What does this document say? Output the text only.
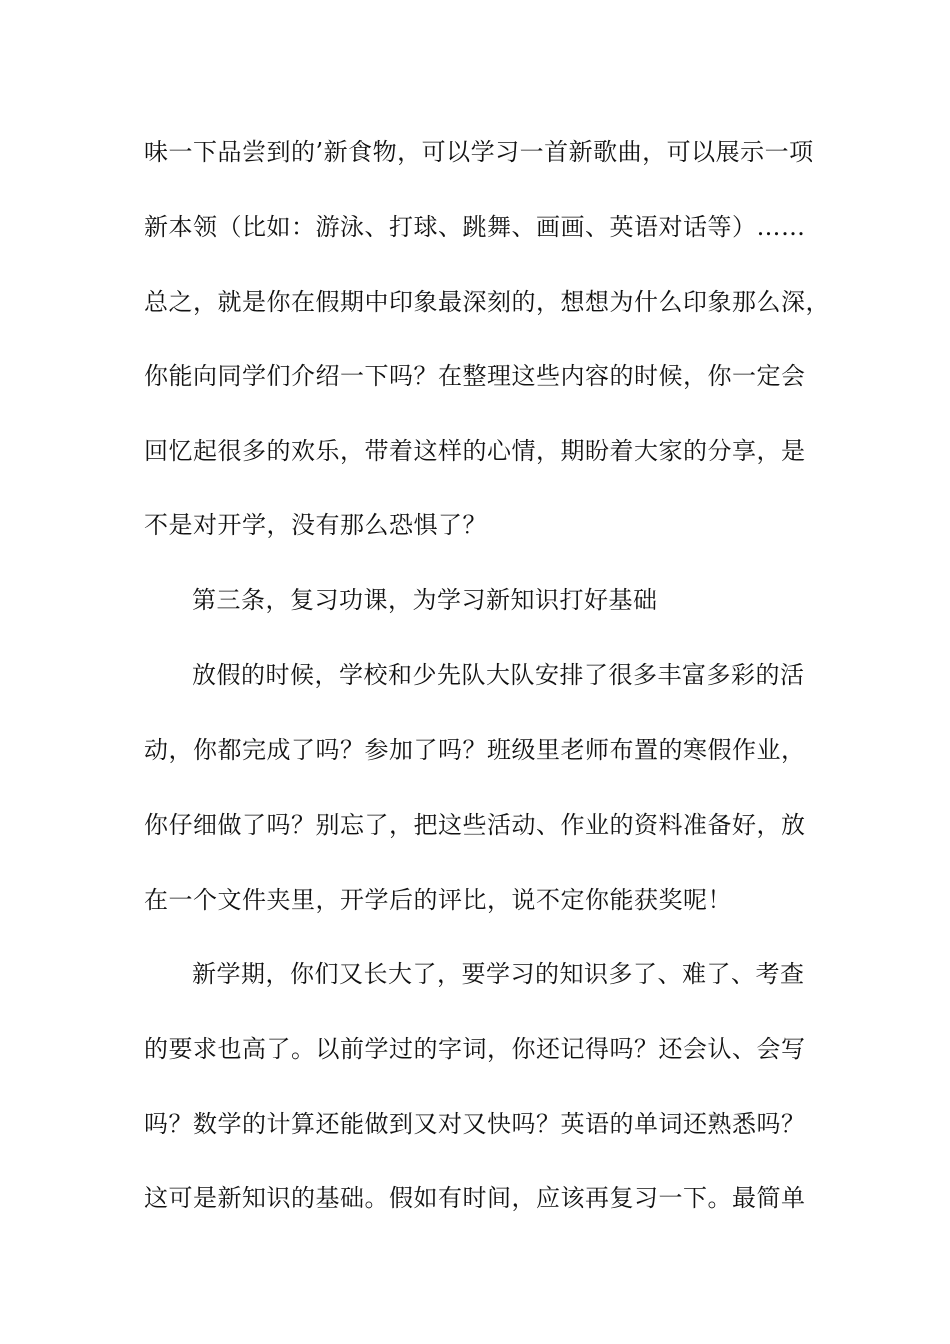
味一下品尝到的’新食物，可以学习一首新歌曲，可以展示一项
新本领（比如：游泳、打球、跳舞、画画、英语对话等）……
总之，就是你在假期中印象最深刻的，想想为什么印象那么深，
你能向同学们介绍一下吗？在整理这些内容的时候，你一定会
回忆起很多的欢乐，带着这样的心情，期盼着大家的分享，是
不是对开学，没有那么恐惧了？
第三条，复习功课，为学习新知识打好基础
放假的时候，学校和少先队大队安排了很多丰富多彩的活
动，你都完成了吗？参加了吗？班级里老师布置的寒假作业，
你仔细做了吗？别忘了，把这些活动、作业的资料准备好，放
在一个文件夹里，开学后的评比，说不定你能获奖呢！
新学期，你们又长大了，要学习的知识多了、难了、考查
的要求也高了。以前学过的字词，你还记得吗？还会认、会写
吗？数学的计算还能做到又对又快吗？英语的单词还熟悉吗？
这可是新知识的基础。假如有时间，应该再复习一下。最简单
